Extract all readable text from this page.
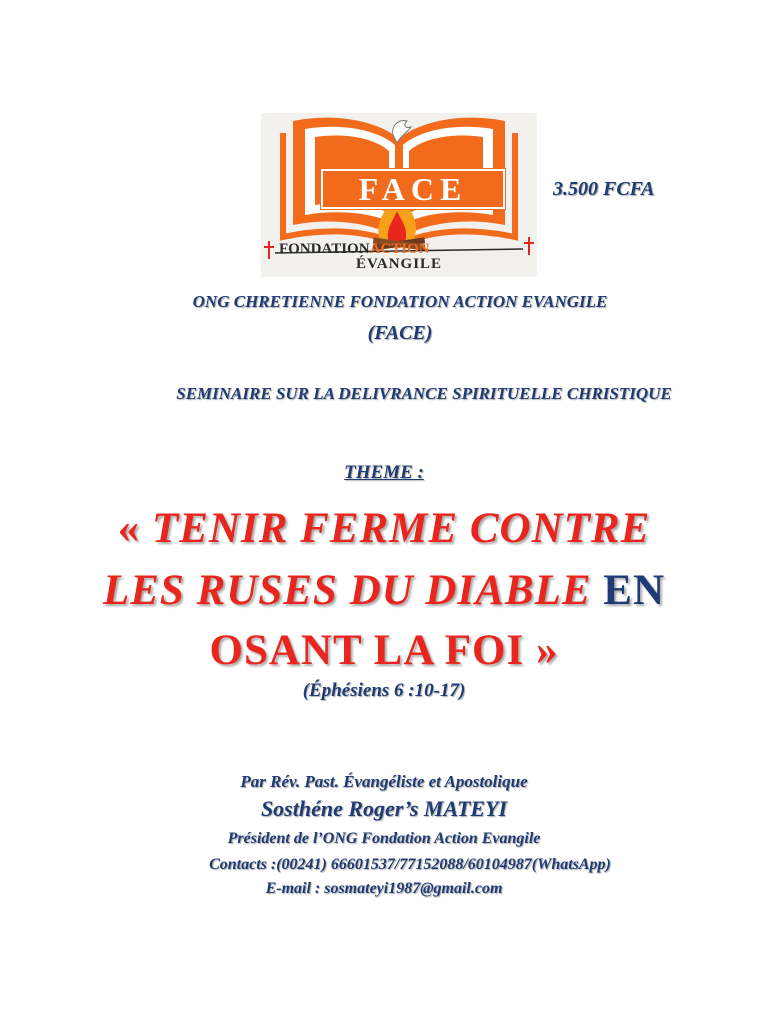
FACE
FONDATIONACTION
ÉVANGILE
3.500 FCFA
ONG CHRETIENNE FONDATION ACTION EVANGILE
(FACE)
SEMINAIRE SUR LA DELIVRANCE SPIRITUELLE CHRISTIQUE
THEME :
« TENIR FERME CONTRE
LES RUSES DU DIABLE EN
OSANT LA FOI »
(Éphésiens 6 :10-17)
Par Rév. Past. Évangéliste et Apostolique
Sosthéne Roger’s MATEYI
Président de l’ONG Fondation Action Evangile
Contacts :(00241) 66601537/77152088/60104987(WhatsApp)
E-mail : sosmateyi1987@gmail.com
